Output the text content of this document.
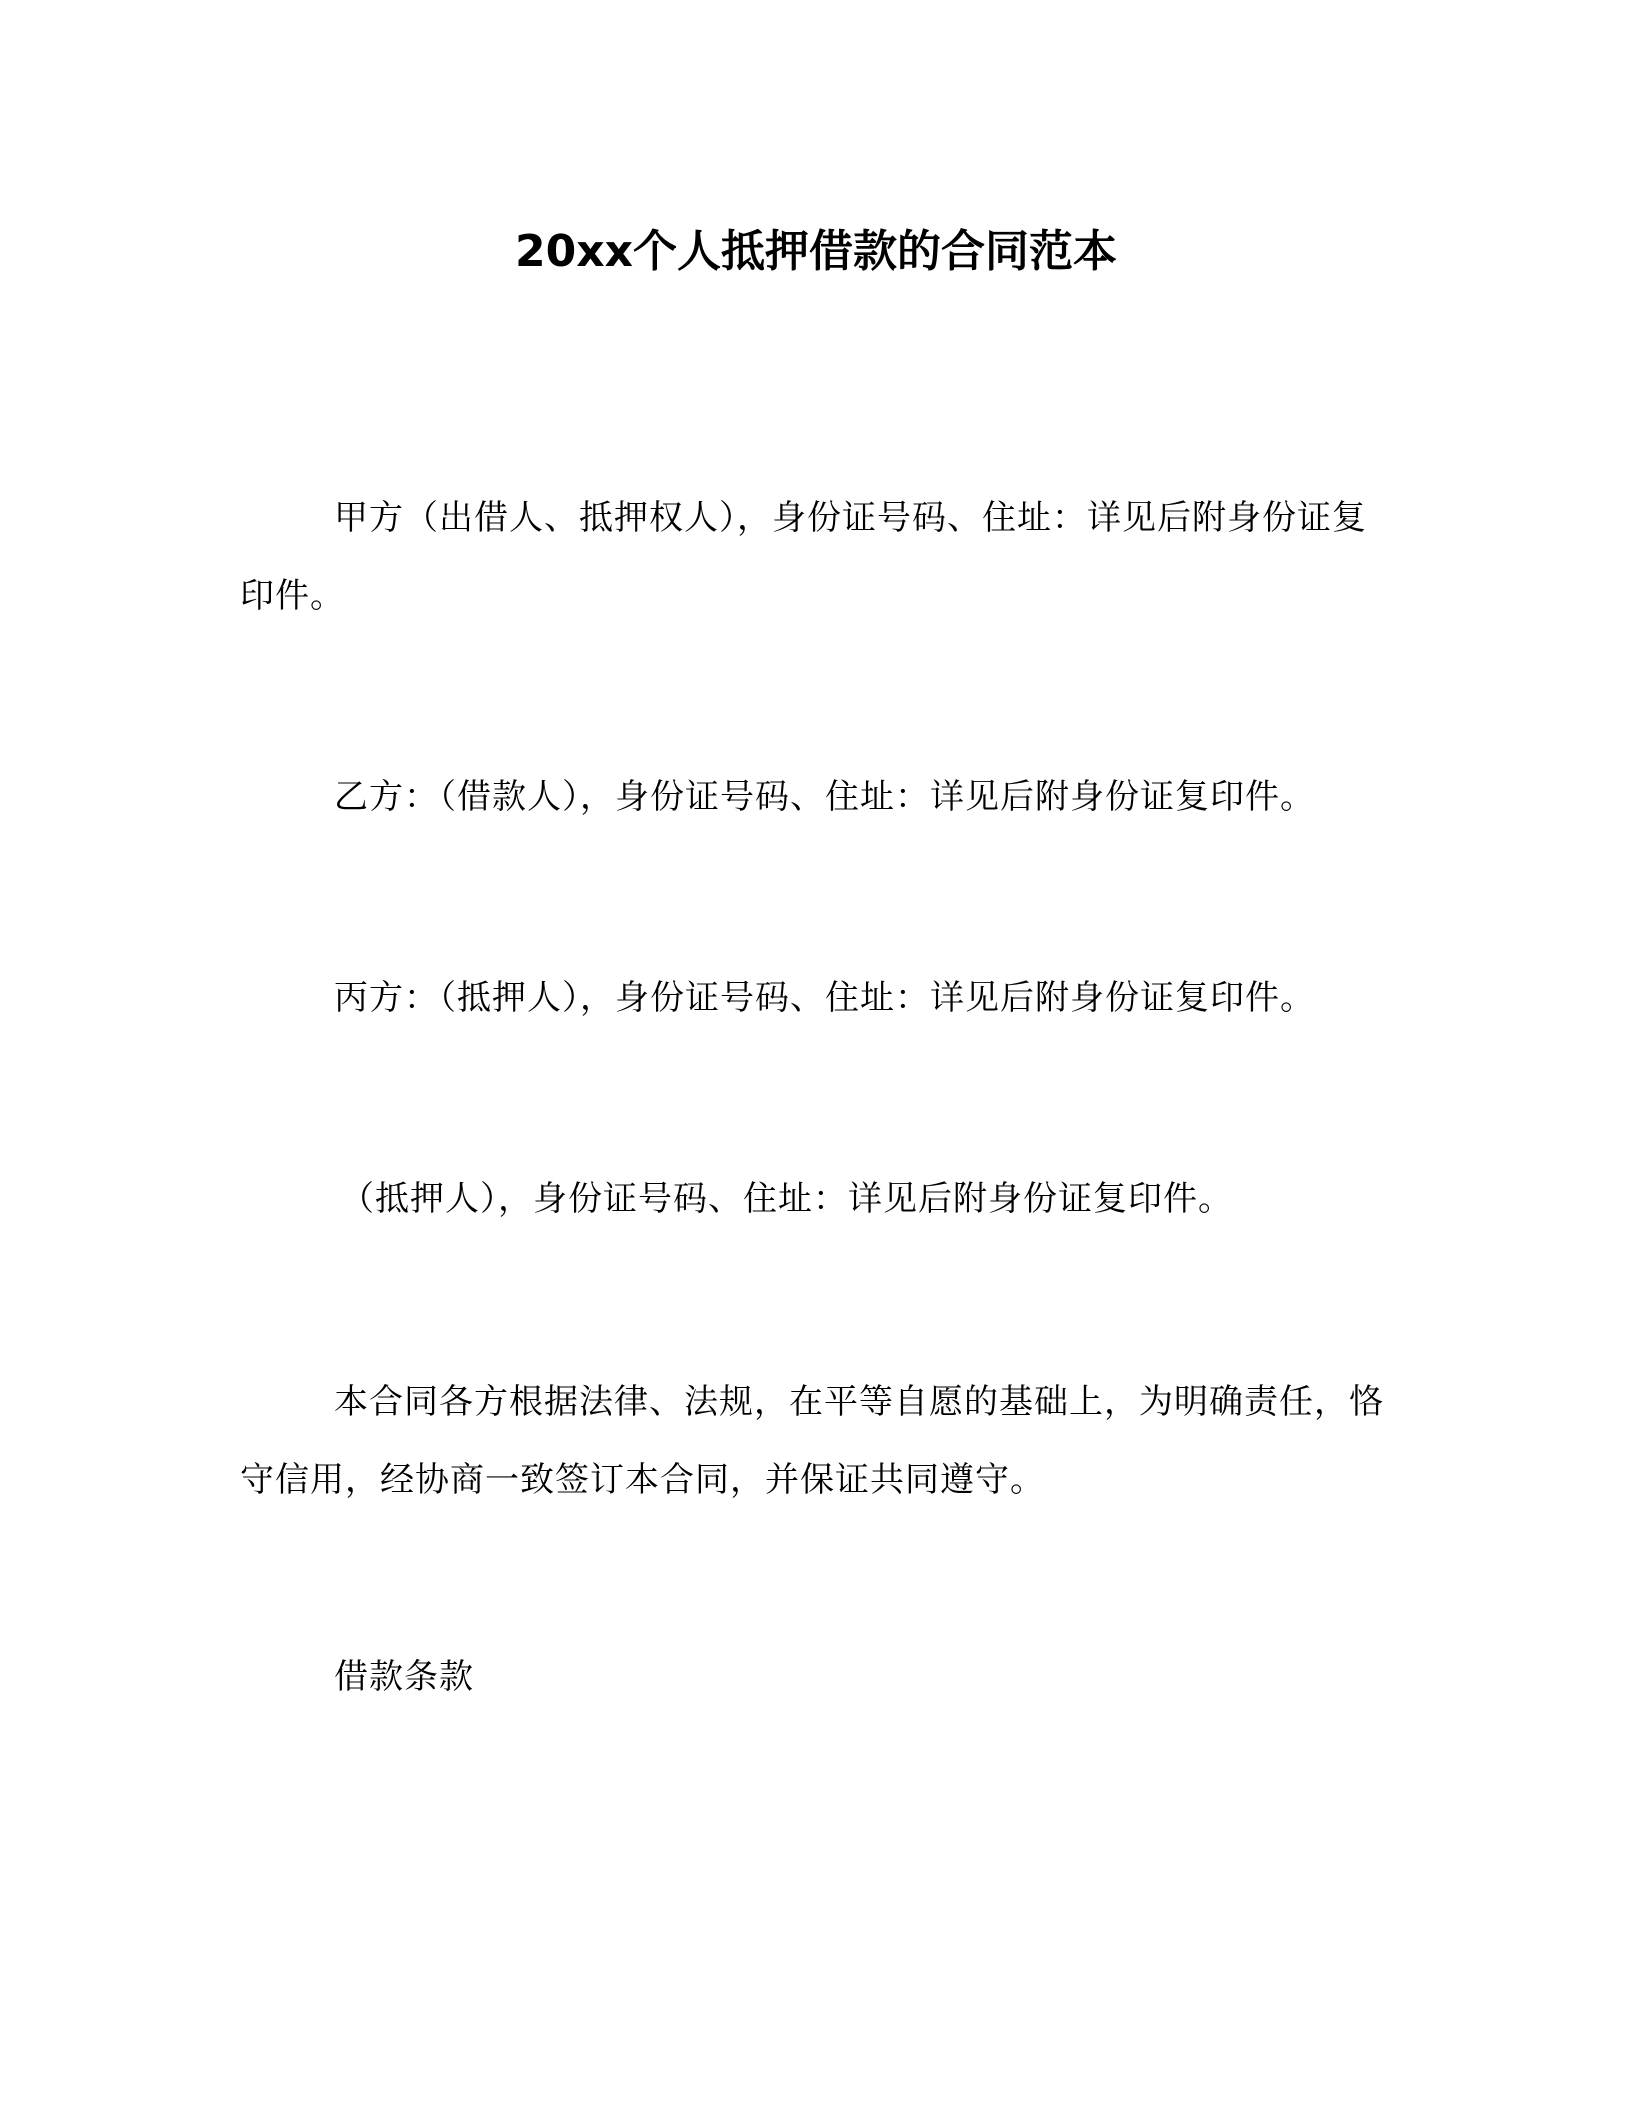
20xx个人抵押借款的合同范本

甲方（出借人、抵押权人），身份证号码、住址：详见后附身份证复印件。

乙方：（借款人），身份证号码、住址：详见后附身份证复印件。

丙方：（抵押人），身份证号码、住址：详见后附身份证复印件。

（抵押人），身份证号码、住址：详见后附身份证复印件。

本合同各方根据法律、法规，在平等自愿的基础上，为明确责任，恪守信用，经协商一致签订本合同，并保证共同遵守。

借款条款
